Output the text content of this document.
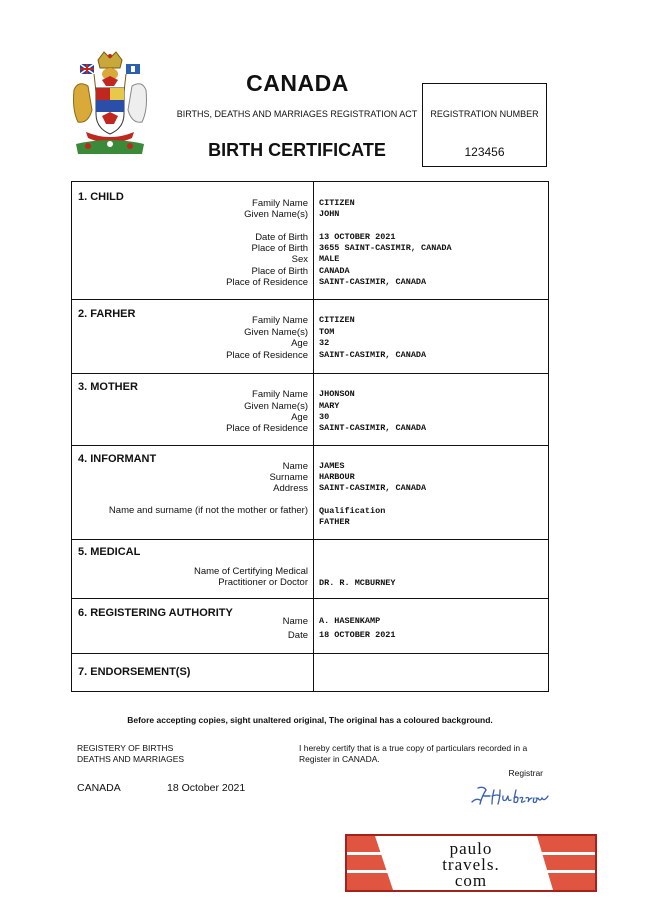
CANADA
BIRTHS, DEATHS AND MARRIAGES REGISTRATION ACT
BIRTH CERTIFICATE
REGISTRATION NUMBER
123456
1. CHILD
Family Name CITIZEN
Given Name(s) JOHN
Date of Birth 13 OCTOBER 2021
Place of Birth 3655 SAINT-CASIMIR, CANADA
Sex MALE
Place of Birth CANADA
Place of Residence SAINT-CASIMIR, CANADA
2. FARHER
Family Name CITIZEN
Given Name(s) TOM
Age 32
Place of Residence SAINT-CASIMIR, CANADA
3. MOTHER
Family Name JHONSON
Given Name(s) MARY
Age 30
Place of Residence SAINT-CASIMIR, CANADA
4. INFORMANT
Name JAMES
Surname HARBOUR
Address SAINT-CASIMIR, CANADA
Name and surname (if not the mother or father) Qualification
FATHER
5. MEDICAL
Name of Certifying Medical
Practitioner or Doctor DR. R. MCBURNEY
6. REGISTERING AUTHORITY
Name A. HASENKAMP
Date 18 OCTOBER 2021
7. ENDORSEMENT(S)
Before accepting copies, sight unaltered original, The original has a coloured background.
REGISTERY OF BIRTHS
DEATHS AND MARRIAGES
I hereby certify that is a true copy of particulars recorded in a
Register in CANADA.
Registrar
CANADA	18 October 2021
paulo
travels.
com
